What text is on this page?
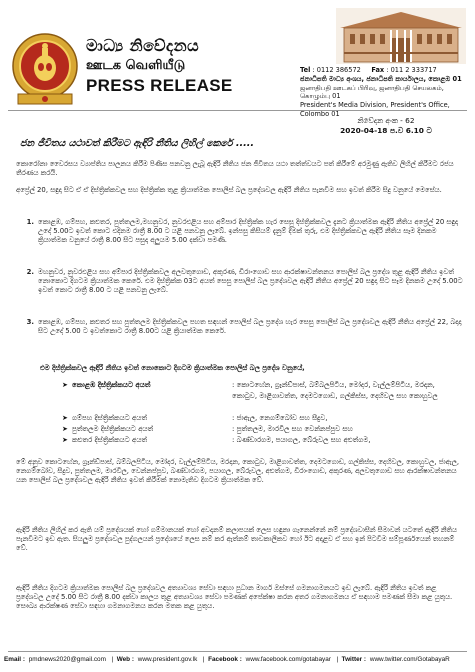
මාධ්‍ය නිවේදනය
ஊடக வெளியீடு
PRESS RELEASE
Tel : 0112 386572 Fax : 011 2 333717
ජනාධිපති මාධ්‍ය අංශය, ජනාධිපති කාර්යාලය, කොළඹ 01
ஜனாதிபதி ஊடகப் பிரிவு, ஜனாதிபதி செயலகம், கொழும்பு 01
President's Media Division, President's Office, Colombo 01
නිවේදන අංක - 62
2020-04-18 ප.ව 6.10 ට
ජන ජීවිතය යථාවත් කිරීමට ඇඳිරි නීතිය ලිහිල් කෙරේ .....
කොරෝනා වෛරසය ව්‍යාප්තිය පාලනය කිරීම පිණිස පනවනු ලැබූ ඇඳිරි නීතිය ජන ජීවිතය යථා තත්ත්වයට පත් කිරීමේ අරමුණු ඇතිව ලිහිල් කිරීමට රජය තීරණය කරයි.
අප්‍රේල් 20, සඳුදා සිට ඒ ඒ දිස්ත්‍රික්කවල සහ දිස්ත්‍රික්ක තුළ ක්‍රියාත්මක පොලිස් බල ප්‍රදේශවල ඇඳිරි නීතිය පැනවීම සහ ඉවත් කිරීම සිදු වනුයේ මෙසේය.
1. කොළඹ, ගම්පහ, කළුතර, පුත්තලම,මහනුවර, නුවරඑළිය සහ අම්පාර දිස්ත්‍රික්ක හැර සෙසු දිස්ත්‍රික්කවල දැනට ක්‍රියාත්මක ඇඳිරි නීතිය අප්‍රේල් 20 සඳුදා උදේ 5.00ට ඉවත් කොට එදිනම රාත්‍රී 8.00 ට යළි පනවනු ලැබේ. ඉන්පසු කිසියම් දැනුම් දීමක් තුරු, එම දිස්ත්‍රික්කවල ඇඳිරි නීතිය සෑම දිනකම ක්‍රියාත්මක වනුයේ රාත්‍රී 8.00 සිට පසුදා අලුයම 5.00 දක්වා පමණි.
2. මහනුවර, නුවරඑළිය සහ අම්පාර දිස්ත්‍රික්කවල අලවතුගොඩ, අකුරණ, ඩිරාංගොඩ සහ ආරක්ෂාවන්තනය පොලිස් බල ප්‍රදේශ තුළ ඇඳිරි නීතිය ඉවත් නොකොට දිගටම ක්‍රියාත්මක කෙරේ. එම දිස්ත්‍රික්ක 03ට අයත් සෙසු පොලිස් බල ප්‍රදේශවල ඇඳිරි නීතිය අප්‍රේල් 20 සඳුදා සිට සෑම දිනකම උදේ 5.00ට ඉවත් කොට රාත්‍රී 8.00 ට යළි පනවනු ලැබේ.
3. කොළඹ, ගම්පහ, කළුතර සහ පුත්තලම දිස්ත්‍රික්කවල පහත සඳහන් පොලිස් බල ප්‍රදේශ හැර සෙසු පොලිස් බල ප්‍රදේශවල ඇඳිරි නීතිය අප්‍රේල් 22, බදාදා සිට උදේ 5.00 ට ඉවත්කොට රාත්‍රී 8.00ට යළි ක්‍රියාත්මක කෙරේ.
එම දිස්ත්‍රික්කවල ඇඳිරි නීතිය ඉවත් නොකොට දිගටම ක්‍රියාත්මක පොලිස් බල ප්‍රදේශ වනුයේ,
➤ කොළඹ දිස්ත්‍රික්කයට අයත්	: කොටහේන, ග්‍රෑන්ඩ්පාස්, බම්බලපිටිය, මෝදර, වැල්ලම්පිටිය, මරදාන, කොටුව, මාළිගාවත්ත, දෙමටගොඩ, ගල්කිස්ස, දෙහිවල සහ කොහුවල
➤ ගම්පහ දිස්ත්‍රික්කයට අයත්	: ජාඇල, නෙගම්බෝව සහ සීදුව,
➤ පුත්තලම දිස්ත්‍රික්කයට අයත්	: පුත්තලම, මාරවිල සහ වෙන්නප්පුව සහ
➤ කළුතර දිස්ත්‍රික්කයට අයත්	: බණ්ඩාරගම, පයාගල, බේරුවල සහ අළුත්ගම,
මේ අනුව කොටහේන, ග්‍රෑන්ඩ්පාස්, බම්බලපිටිය, මෝදර, වැල්ලම්පිටිය, මරදාන, කොටුව, මාළිගාවත්ත, දෙමටගොඩ, ගල්කිස්ස, දෙහිවල, කොහුවල, ජාඇල, නෙගම්බෝව, සීදුව, පුත්තලම, මාරවිල, වෙන්නප්පුව, බණ්ඩාරගම, පයාගල, බේරුවල, අළුත්ගම, ඩිරාංගොඩ, අකුරණ, අලවතුගොඩ සහ ආරක්ෂාවන්තනය යන පොලිස් බල ප්‍රදේශවල ඇඳිරි නීතිය ඉවත් කිරීමක් නොමැතිව දිගටම ක්‍රියාත්මක වේ.
ඇඳිරි නීතිය ලිහිල් කර ඇති යම් ප්‍රදේශයක් හෝ ගම්මානයක් හෝ අවදානම් කලාපයක් ලෙස හඳුනා ගැනෙන්නේ නම් ප්‍රදේශවාසීන් සීමාවන් යටතේ ඇඳිරි නීතිය පැනවීමට ඉඩ ඇත. සියලුම ප්‍රදේශවල පුද්ගලයන් ප්‍රදේශයේ ලෙස නම් කර ඇත්නම් තාවකාලිකව හෝ ඊට අදාළව ඒ සහ ඉන් පිටවීම සම්පූර්ණයෙන් තහනම් වේ.
ඇඳිරි නීතිය දිගටම ක්‍රියාත්මක පොලිස් බල ප්‍රදේශවල අත්‍යාවශ්‍ය සේවා සඳහා පුධාන මාර්ග ඔස්සේ ගමනාගමනයට ඉඩ ලැබේ. ඇඳිරි නීතිය ඉවත් කළ ප්‍රදේශවල උදේ 5.00 සිට රාත්‍රී 8.00 දක්වා කාලය තුළ අත්‍යාවශ්‍ය සේවා පමණක් අපේක්ෂා කරන අතර ගමනාගමනය ඒ සඳහාම පමණක් සීමා කළ යුතුය. සෞඛ්‍ය ආරක්ෂණ සේවා සඳහා ගමනාගමනය කරන මතක කළ යුතුය.
Email : pmdnews2020@gmail.com  |  Web : www.president.gov.lk  |  Facebook : www.facebook.com/gotabayar  |  Twitter : www.twitter.com/GotabayaR
